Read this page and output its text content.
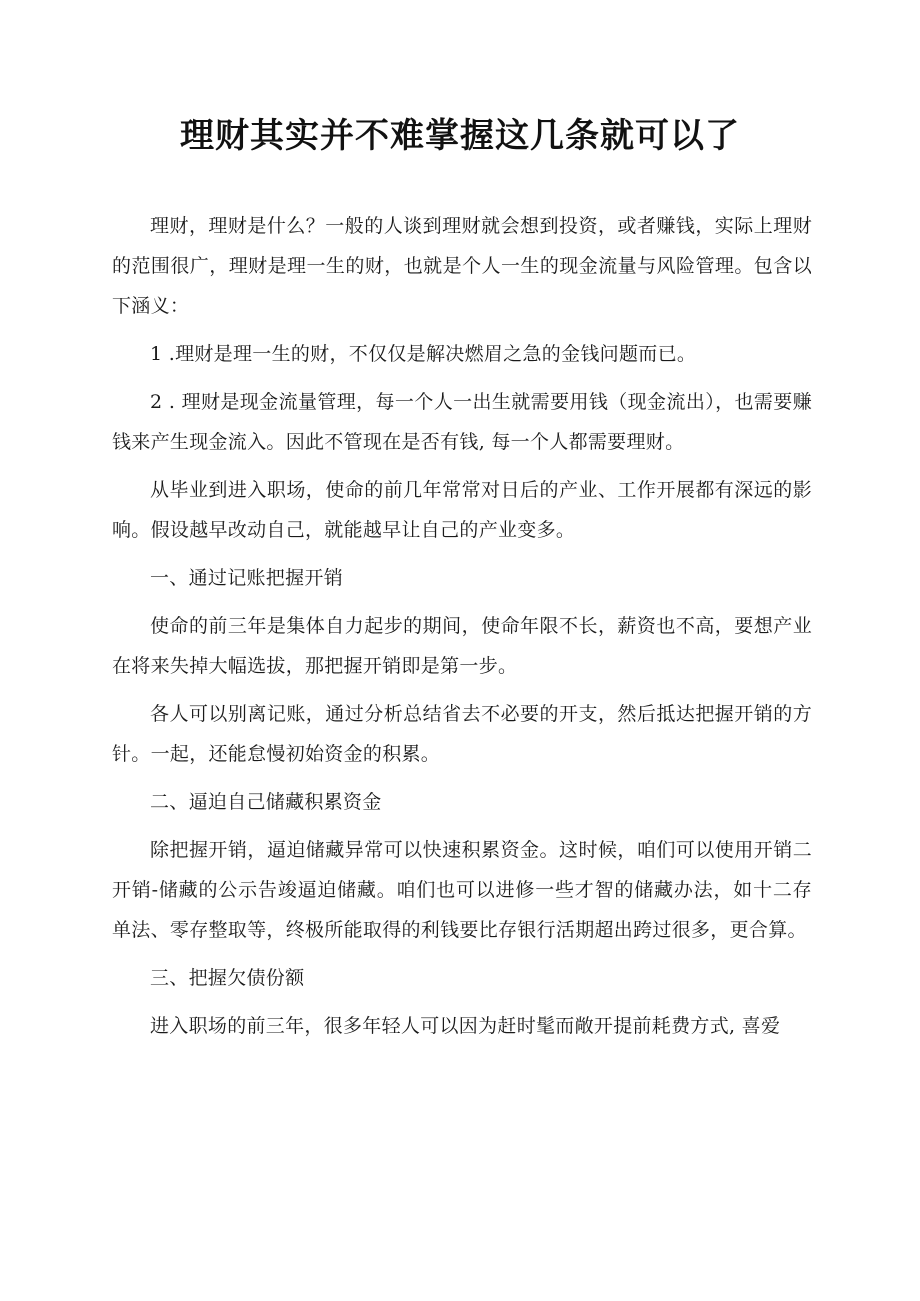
理财其实并不难掌握这几条就可以了

理财，理财是什么？一般的人谈到理财就会想到投资，或者赚钱，实际上理财的范围很广，理财是理一生的财，也就是个人一生的现金流量与风险管理。包含以下涵义：

1 .理财是理一生的财，不仅仅是解决燃眉之急的金钱问题而已。

2 . 理财是现金流量管理，每一个人一出生就需要用钱（现金流出），也需要赚钱来产生现金流入。因此不管现在是否有钱, 每一个人都需要理财。

从毕业到进入职场，使命的前几年常常对日后的产业、工作开展都有深远的影响。假设越早改动自己，就能越早让自己的产业变多。

一、通过记账把握开销

使命的前三年是集体自力起步的期间，使命年限不长，薪资也不高，要想产业在将来失掉大幅选拔，那把握开销即是第一步。

各人可以别离记账，通过分析总结省去不必要的开支，然后抵达把握开销的方针。一起，还能怠慢初始资金的积累。

二、逼迫自己储藏积累资金

除把握开销，逼迫储藏异常可以快速积累资金。这时候，咱们可以使用开销二开销-储藏的公示告竣逼迫储藏。咱们也可以进修一些才智的储藏办法，如十二存单法、零存整取等，终极所能取得的利钱要比存银行活期超出跨过很多，更合算。

三、把握欠债份额

进入职场的前三年，很多年轻人可以因为赶时髦而敞开提前耗费方式, 喜爱
